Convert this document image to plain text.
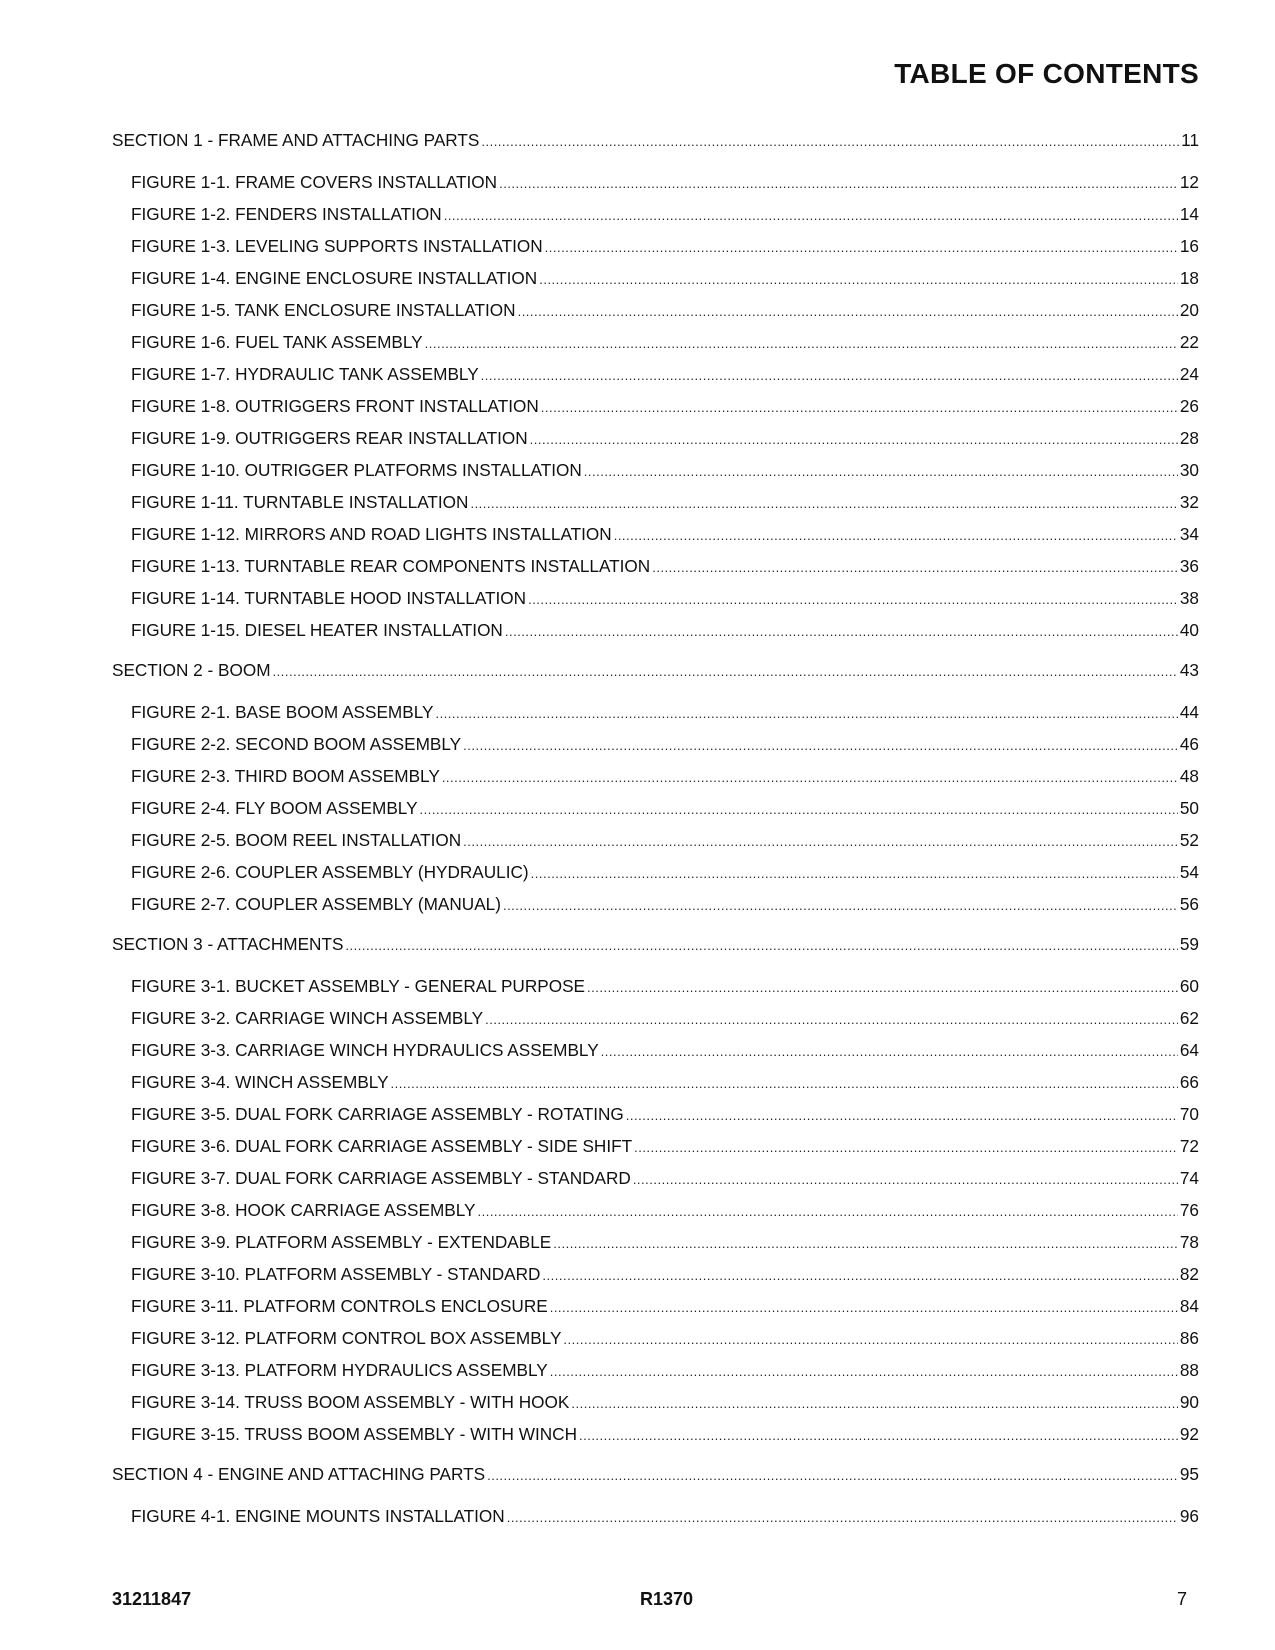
TABLE OF CONTENTS
SECTION 1 - FRAME AND ATTACHING PARTS .....	11
FIGURE 1-1. FRAME COVERS INSTALLATION .....	12
FIGURE 1-2. FENDERS INSTALLATION .....	14
FIGURE 1-3. LEVELING SUPPORTS INSTALLATION .....	16
FIGURE 1-4. ENGINE ENCLOSURE INSTALLATION .....	18
FIGURE 1-5. TANK ENCLOSURE INSTALLATION .....	20
FIGURE 1-6. FUEL TANK ASSEMBLY .....	22
FIGURE 1-7. HYDRAULIC TANK ASSEMBLY .....	24
FIGURE 1-8. OUTRIGGERS FRONT INSTALLATION .....	26
FIGURE 1-9. OUTRIGGERS REAR INSTALLATION .....	28
FIGURE 1-10. OUTRIGGER PLATFORMS INSTALLATION .....	30
FIGURE 1-11. TURNTABLE INSTALLATION .....	32
FIGURE 1-12. MIRRORS AND ROAD LIGHTS INSTALLATION .....	34
FIGURE 1-13. TURNTABLE REAR COMPONENTS INSTALLATION .....	36
FIGURE 1-14. TURNTABLE HOOD INSTALLATION .....	38
FIGURE 1-15. DIESEL HEATER INSTALLATION .....	40
SECTION 2 - BOOM .....	43
FIGURE 2-1. BASE BOOM ASSEMBLY .....	44
FIGURE 2-2. SECOND BOOM ASSEMBLY .....	46
FIGURE 2-3. THIRD BOOM ASSEMBLY .....	48
FIGURE 2-4. FLY BOOM ASSEMBLY .....	50
FIGURE 2-5. BOOM REEL INSTALLATION .....	52
FIGURE 2-6. COUPLER ASSEMBLY (HYDRAULIC) .....	54
FIGURE 2-7. COUPLER ASSEMBLY (MANUAL) .....	56
SECTION 3 - ATTACHMENTS .....	59
FIGURE 3-1. BUCKET ASSEMBLY - GENERAL PURPOSE .....	60
FIGURE 3-2. CARRIAGE WINCH ASSEMBLY .....	62
FIGURE 3-3. CARRIAGE WINCH HYDRAULICS ASSEMBLY .....	64
FIGURE 3-4. WINCH ASSEMBLY .....	66
FIGURE 3-5. DUAL FORK CARRIAGE ASSEMBLY - ROTATING .....	70
FIGURE 3-6. DUAL FORK CARRIAGE ASSEMBLY - SIDE SHIFT .....	72
FIGURE 3-7. DUAL FORK CARRIAGE ASSEMBLY - STANDARD .....	74
FIGURE 3-8. HOOK CARRIAGE ASSEMBLY .....	76
FIGURE 3-9. PLATFORM ASSEMBLY - EXTENDABLE .....	78
FIGURE 3-10. PLATFORM ASSEMBLY - STANDARD .....	82
FIGURE 3-11. PLATFORM CONTROLS ENCLOSURE .....	84
FIGURE 3-12. PLATFORM CONTROL BOX ASSEMBLY .....	86
FIGURE 3-13. PLATFORM HYDRAULICS ASSEMBLY .....	88
FIGURE 3-14. TRUSS BOOM ASSEMBLY - WITH HOOK .....	90
FIGURE 3-15. TRUSS BOOM ASSEMBLY - WITH WINCH .....	92
SECTION 4 - ENGINE AND ATTACHING PARTS .....	95
FIGURE 4-1. ENGINE MOUNTS INSTALLATION .....	96
31211847	R1370	7
